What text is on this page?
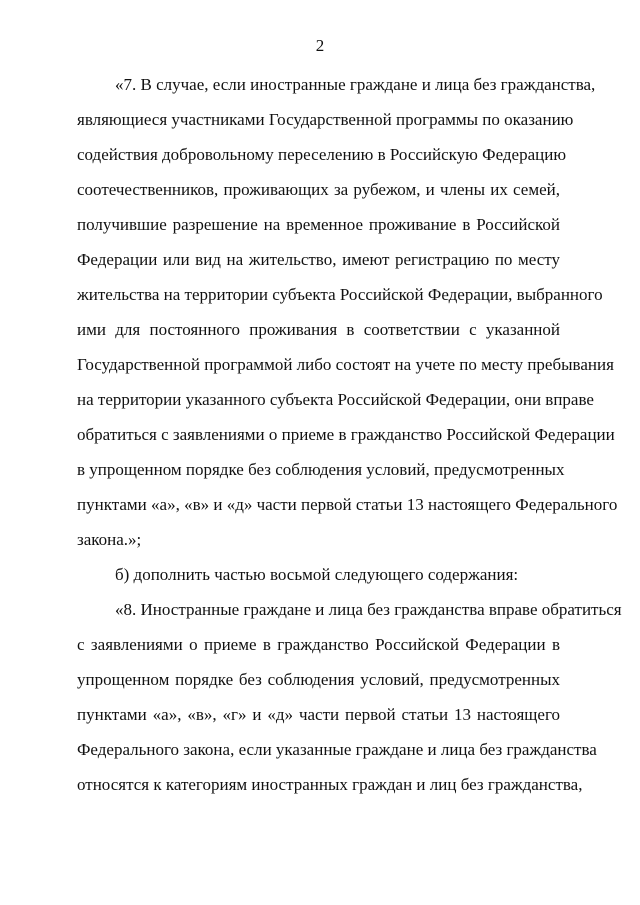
2
«7. В случае, если иностранные граждане и лица без гражданства,
являющиеся участниками Государственной программы по оказанию
содействия добровольному переселению в Российскую Федерацию
соотечественников, проживающих за рубежом, и члены их семей,
получившие разрешение на временное проживание в Российской
Федерации или вид на жительство, имеют регистрацию по месту
жительства на территории субъекта Российской Федерации, выбранного
ими для постоянного проживания в соответствии с указанной
Государственной программой либо состоят на учете по месту пребывания
на территории указанного субъекта Российской Федерации, они вправе
обратиться с заявлениями о приеме в гражданство Российской Федерации
в упрощенном порядке без соблюдения условий, предусмотренных
пунктами «а», «в» и «д» части первой статьи 13 настоящего Федерального
закона.»;
б) дополнить частью восьмой следующего содержания:
«8. Иностранные граждане и лица без гражданства вправе обратиться
с заявлениями о приеме в гражданство Российской Федерации в
упрощенном порядке без соблюдения условий, предусмотренных
пунктами «а», «в», «г» и «д» части первой статьи 13 настоящего
Федерального закона, если указанные граждане и лица без гражданства
относятся к категориям иностранных граждан и лиц без гражданства,
